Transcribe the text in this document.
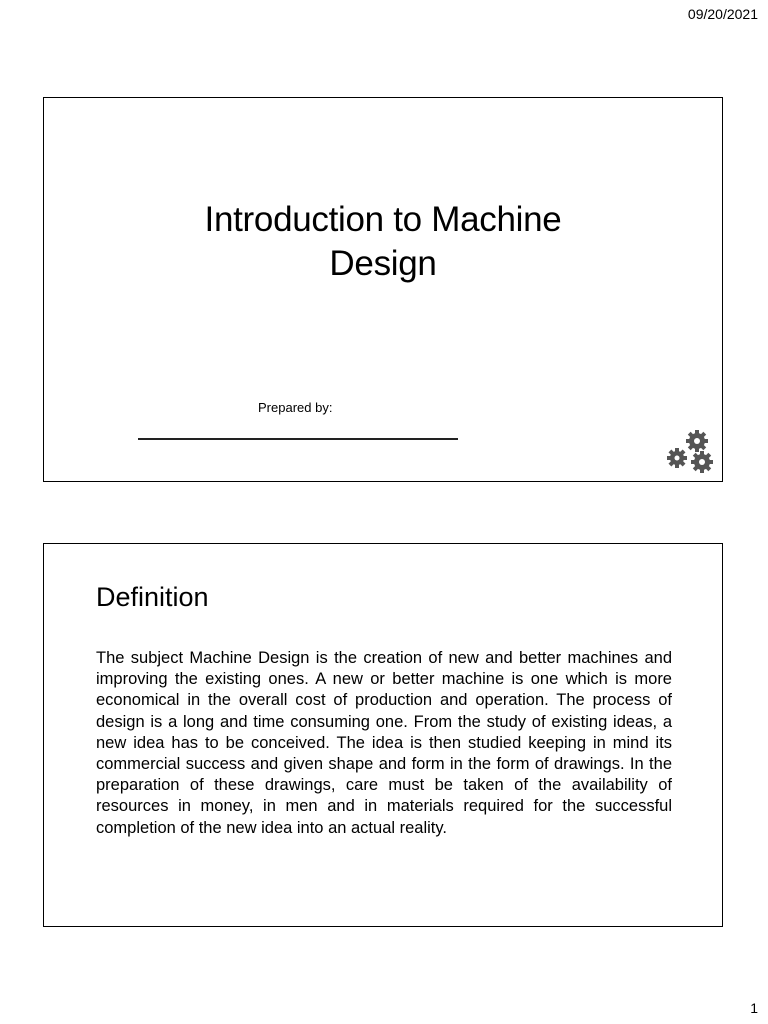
09/20/2021
Introduction to Machine
Design
Prepared by:
Definition

The subject Machine Design is the creation of new and better machines and improving the existing ones. A new or better machine is one which is more economical in the overall cost of production and operation. The process of design is a long and time consuming one. From the study of existing ideas, a new idea has to be conceived. The idea is then studied keeping in mind its commercial success and given shape and form in the form of drawings. In the preparation of these drawings, care must be taken of the availability of resources in money, in men and in materials required for the successful completion of the new idea into an actual reality.

1
